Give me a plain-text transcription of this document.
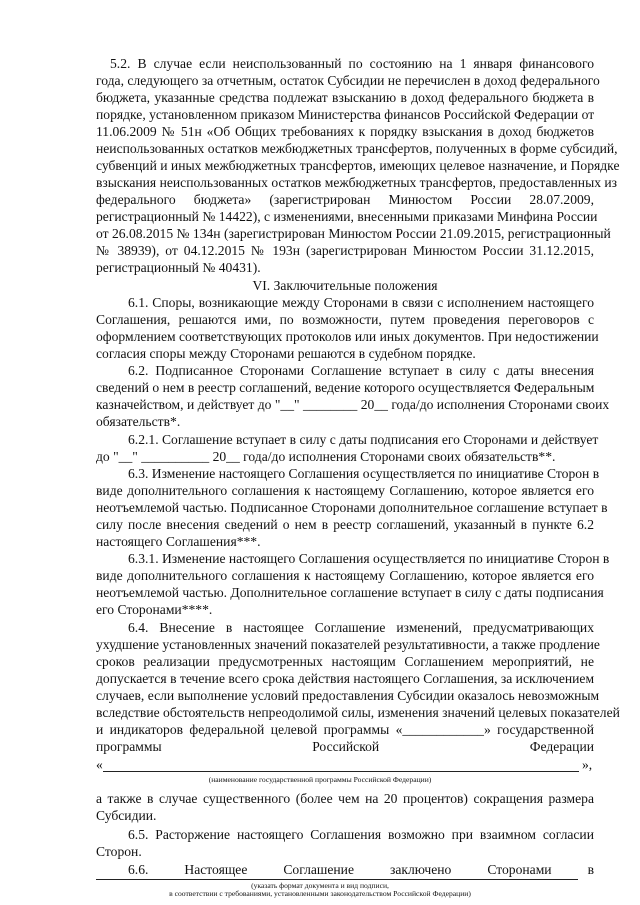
5.2. В случае если неиспользованный по состоянию на 1 января финансового
года, следующего за отчетным, остаток Субсидии не перечислен в доход федерального
бюджета, указанные средства подлежат взысканию в доход федерального бюджета в
порядке, установленном приказом Министерства финансов Российской Федерации от
11.06.2009 № 51н «Об Общих требованиях к порядку взыскания в доход бюджетов
неиспользованных остатков межбюджетных трансфертов, полученных в форме субсидий,
субвенций и иных межбюджетных трансфертов, имеющих целевое назначение, и Порядке
взыскания неиспользованных остатков межбюджетных трансфертов, предоставленных из
федерального бюджета» (зарегистрирован Минюстом России 28.07.2009,
регистрационный № 14422), с изменениями, внесенными приказами Минфина России
от 26.08.2015 № 134н (зарегистрирован Минюстом России 21.09.2015, регистрационный
№ 38939), от 04.12.2015 № 193н (зарегистрирован Минюстом России 31.12.2015,
регистрационный № 40431).
VI. Заключительные положения
6.1. Споры, возникающие между Сторонами в связи с исполнением настоящего
Соглашения, решаются ими, по возможности, путем проведения переговоров с
оформлением соответствующих протоколов или иных документов. При недостижении
согласия споры между Сторонами решаются в судебном порядке.
6.2. Подписанное Сторонами Соглашение вступает в силу с даты внесения
сведений о нем в реестр соглашений, ведение которого осуществляется Федеральным
казначейством, и действует до "__" ________ 20__ года/до исполнения Сторонами своих
обязательств*.
6.2.1. Соглашение вступает в силу с даты подписания его Сторонами и действует
до "__" __________ 20__ года/до исполнения Сторонами своих обязательств**.
6.3. Изменение настоящего Соглашения осуществляется по инициативе Сторон в
виде дополнительного соглашения к настоящему Соглашению, которое является его
неотъемлемой частью. Подписанное Сторонами дополнительное соглашение вступает в
силу после внесения сведений о нем в реестр соглашений, указанный в пункте 6.2
настоящего Соглашения***.
6.3.1. Изменение настоящего Соглашения осуществляется по инициативе Сторон в
виде дополнительного соглашения к настоящему Соглашению, которое является его
неотъемлемой частью. Дополнительное соглашение вступает в силу с даты подписания
его Сторонами****.
6.4. Внесение в настоящее Соглашение изменений, предусматривающих
ухудшение установленных значений показателей результативности, а также продление
сроков реализации предусмотренных настоящим Соглашением мероприятий, не
допускается в течение всего срока действия настоящего Соглашения, за исключением
случаев, если выполнение условий предоставления Субсидии оказалось невозможным
вследствие обстоятельств непреодолимой силы, изменения значений целевых показателей
и индикаторов федеральной целевой программы «____________» государственной
программы Российской Федерации
«	»,
(наименование государственной программы Российской Федерации)
а также в случае существенного (более чем на 20 процентов) сокращения размера
Субсидии.
6.5. Расторжение настоящего Соглашения возможно при взаимном согласии
Сторон.
6.6. Настоящее Соглашение заключено Сторонами в
(указать формат документа и вид подписи,
в соответствии с требованиями, установленными законодательством Российской Федерации)
